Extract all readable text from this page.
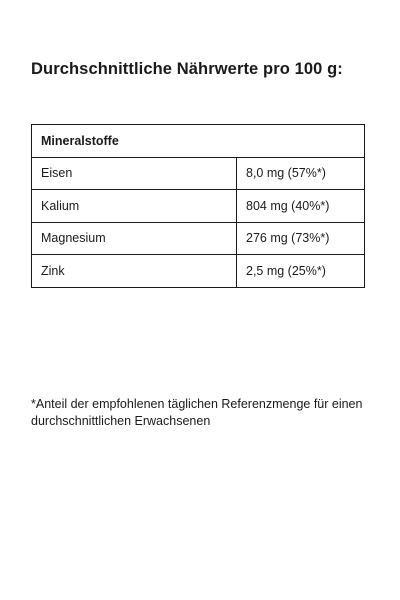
Durchschnittliche Nährwerte pro 100 g:
Mineralstoffe	
Eisen	8,0 mg (57%*)
Kalium	804 mg (40%*)
Magnesium	276 mg (73%*)
Zink	2,5 mg (25%*)
*Anteil der empfohlenen täglichen Referenzmenge für einen durchschnittlichen Erwachsenen
